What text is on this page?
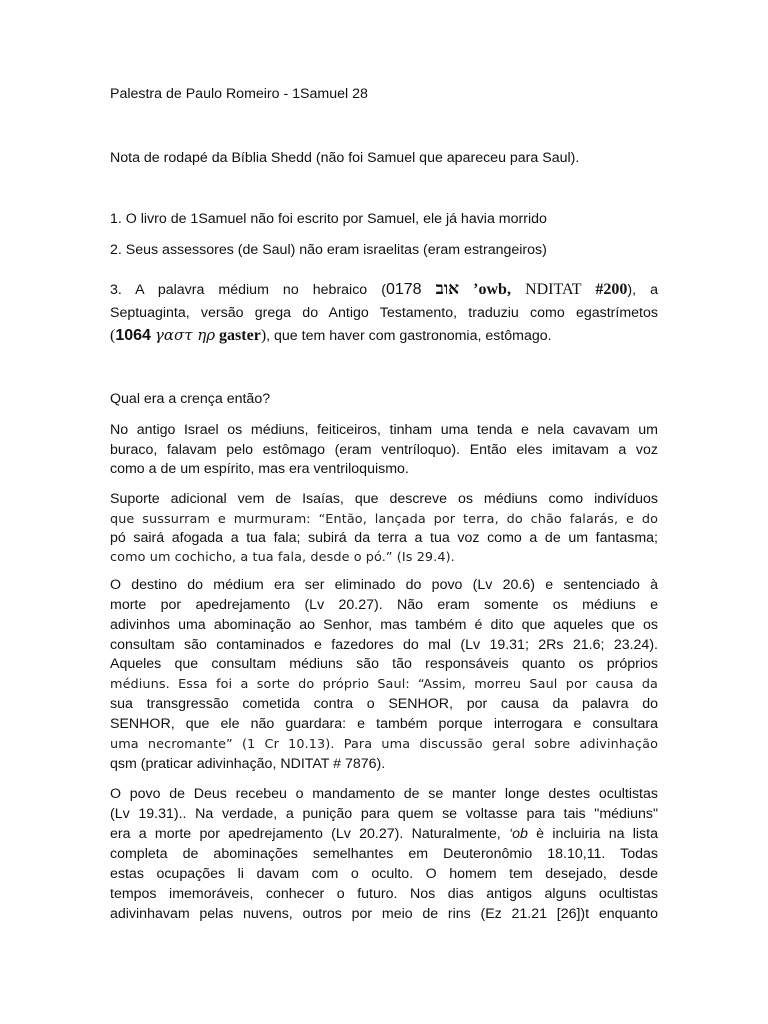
Palestra de Paulo Romeiro - 1Samuel 28
Nota de rodapé da Bíblia Shedd (não foi Samuel que apareceu para Saul).
1. O livro de 1Samuel não foi escrito por Samuel, ele já havia morrido
2. Seus assessores (de Saul) não eram israelitas (eram estrangeiros)
3. A palavra médium no hebraico (0178 אוב ’owb, NDITAT #200), a
Septuaginta, versão grega do Antigo Testamento, traduziu como egastrímetos
(1064 γαστ ηρ gaster), que tem haver com gastronomia, estômago.
Qual era a crença então?
No antigo Israel os médiuns, feiticeiros, tinham uma tenda e nela cavavam um
buraco, falavam pelo estômago (eram ventríloquo). Então eles imitavam a voz
como a de um espírito, mas era ventriloquismo.
Suporte adicional vem de Isaías, que descreve os médiuns como indivíduos
que sussurram e murmuram: “Então, lançada por terra, do chão falarás, e do
pó sairá afogada a tua fala; subirá da terra a tua voz como a de um fantasma;
como um cochicho, a tua fala, desde o pó.” (Is 29.4).
O destino do médium era ser eliminado do povo (Lv 20.6) e sentenciado à
morte por apedrejamento (Lv 20.27). Não eram somente os médiuns e
adivinhos uma abominação ao Senhor, mas também é dito que aqueles que os
consultam são contaminados e fazedores do mal (Lv 19.31; 2Rs 21.6; 23.24).
Aqueles que consultam médiuns são tão responsáveis quanto os próprios
médiuns. Essa foi a sorte do próprio Saul: “Assim, morreu Saul por causa da
sua transgressão cometida contra o SENHOR, por causa da palavra do
SENHOR, que ele não guardara: e também porque interrogara e consultara
uma necromante” (1 Cr 10.13). Para uma discussão geral sobre adivinhação
qsm (praticar adivinhação, NDITAT # 7876).
O povo de Deus recebeu o mandamento de se manter longe destes ocultistas
(Lv 19.31).. Na verdade, a punição para quem se voltasse para tais "médiuns"
era a morte por apedrejamento (Lv 20.27). Naturalmente, ‘ob è incluiria na lista
completa de abominações semelhantes em Deuteronômio 18.10,11. Todas
estas ocupações li davam com o oculto. O homem tem desejado, desde
tempos imemoráveis, conhecer o futuro. Nos dias antigos alguns ocultistas
adivinhavam pelas nuvens, outros por meio de rins (Ez 21.21 [26])t enquanto
